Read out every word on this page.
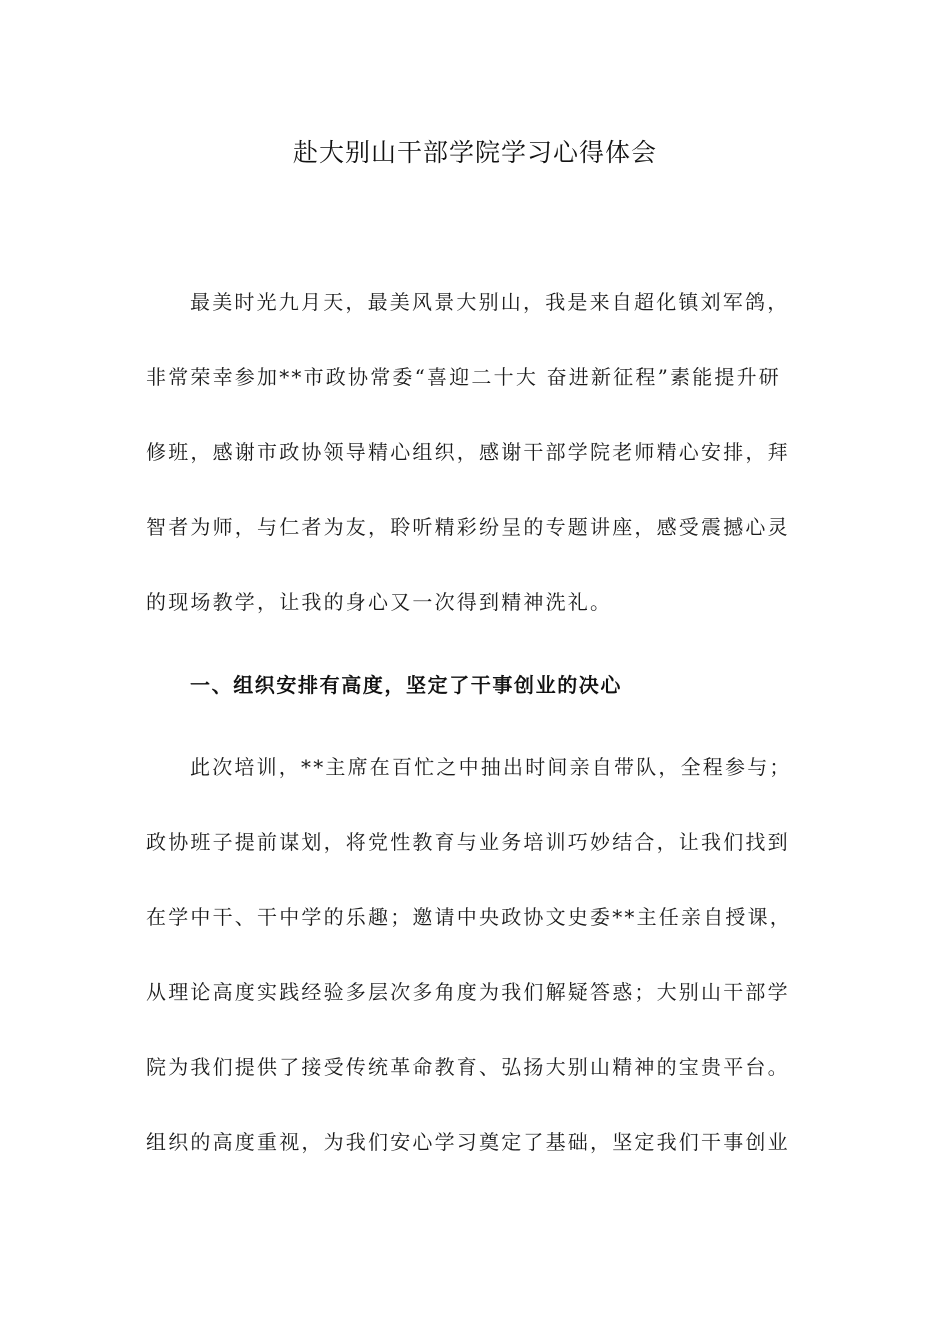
赴大别山干部学院学习心得体会
最美时光九月天，最美风景大别山，我是来自超化镇刘军鸽，
非常荣幸参加**市政协常委“喜迎二十大 奋进新征程”素能提升研
修班，感谢市政协领导精心组织，感谢干部学院老师精心安排，拜
智者为师，与仁者为友，聆听精彩纷呈的专题讲座，感受震撼心灵
的现场教学，让我的身心又一次得到精神洗礼。
一、组织安排有高度，坚定了干事创业的决心
此次培训，**主席在百忙之中抽出时间亲自带队，全程参与；
政协班子提前谋划，将党性教育与业务培训巧妙结合，让我们找到
在学中干、干中学的乐趣；邀请中央政协文史委**主任亲自授课，
从理论高度实践经验多层次多角度为我们解疑答惑；大别山干部学
院为我们提供了接受传统革命教育、弘扬大别山精神的宝贵平台。
组织的高度重视，为我们安心学习奠定了基础，坚定我们干事创业
